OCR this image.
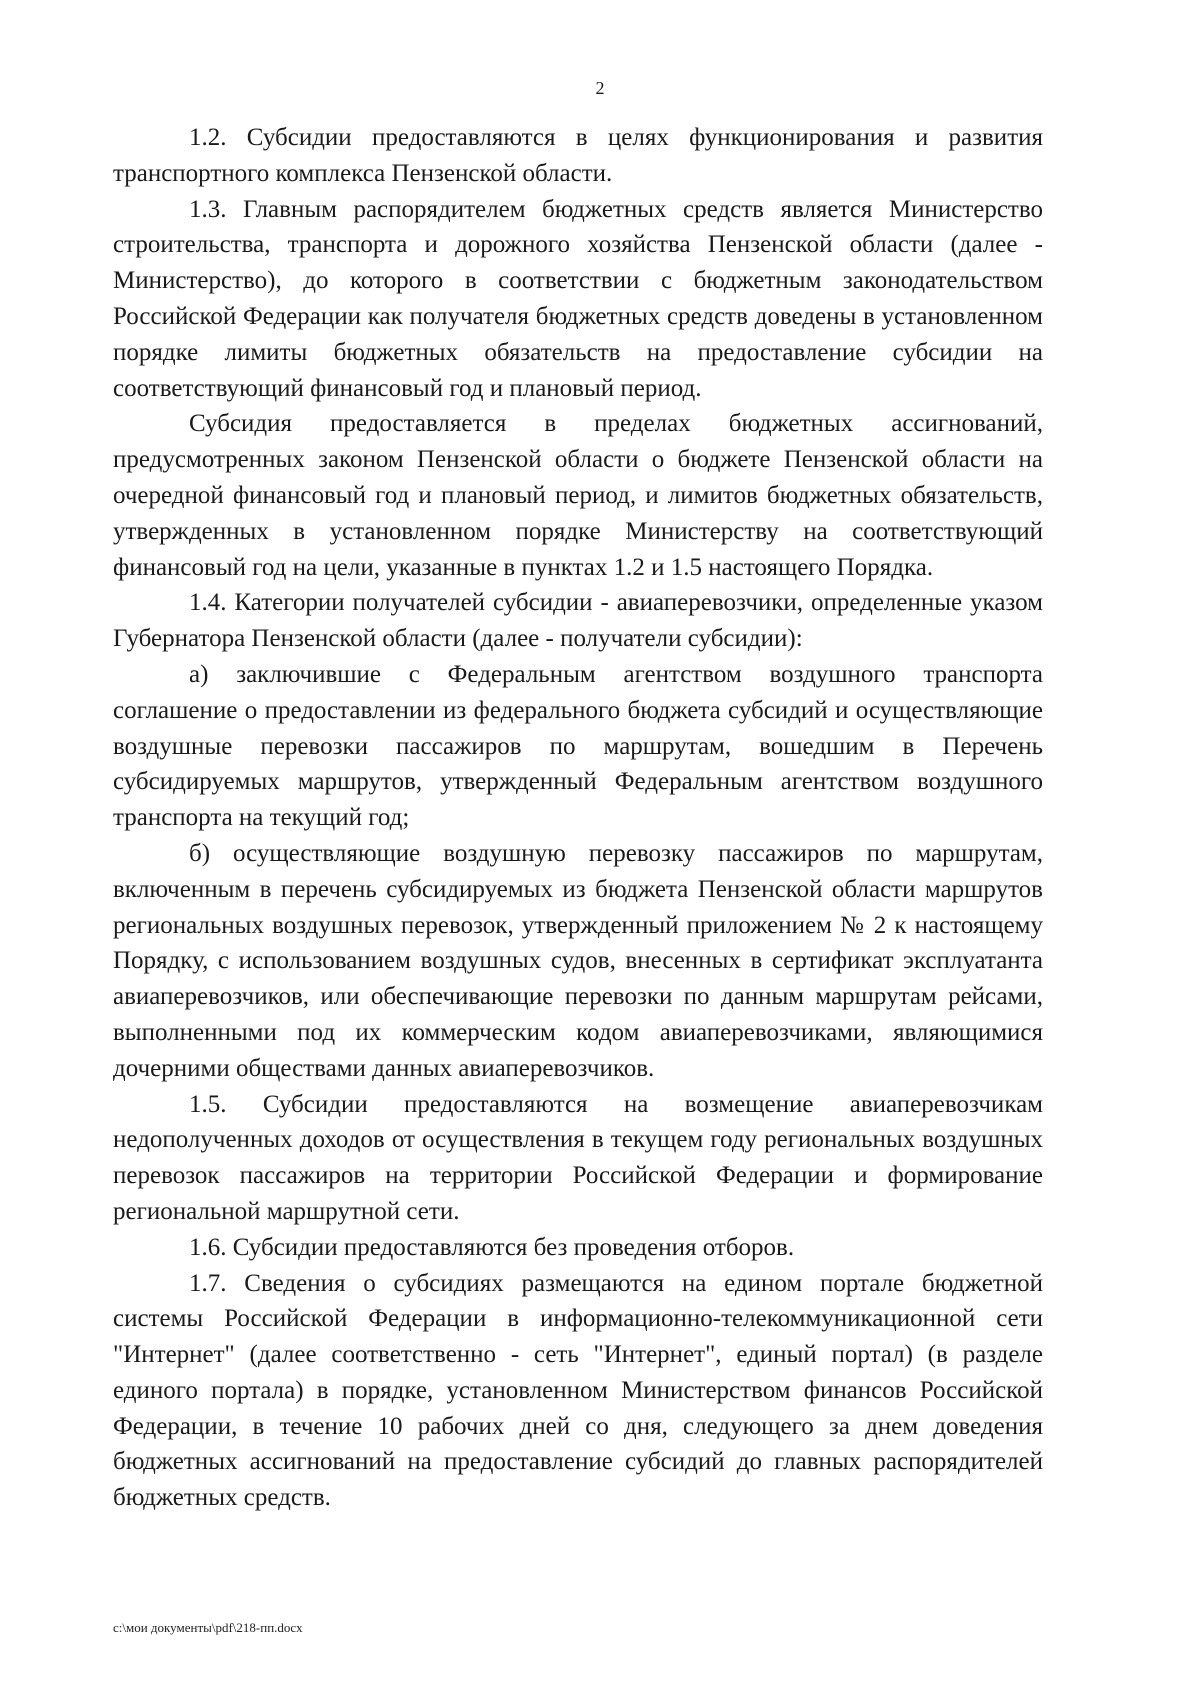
2

1.2. Субсидии предоставляются в целях функционирования и развития транспортного комплекса Пензенской области.

1.3. Главным распорядителем бюджетных средств является Министерство строительства, транспорта и дорожного хозяйства Пензенской области (далее - Министерство), до которого в соответствии с бюджетным законодательством Российской Федерации как получателя бюджетных средств доведены в установленном порядке лимиты бюджетных обязательств на предоставление субсидии на соответствующий финансовый год и плановый период.

Субсидия предоставляется в пределах бюджетных ассигнований, предусмотренных законом Пензенской области о бюджете Пензенской области на очередной финансовый год и плановый период, и лимитов бюджетных обязательств, утвержденных в установленном порядке Министерству на соответствующий финансовый год на цели, указанные в пунктах 1.2 и 1.5 настоящего Порядка.

1.4. Категории получателей субсидии - авиаперевозчики, определенные указом Губернатора Пензенской области (далее - получатели субсидии):

а) заключившие с Федеральным агентством воздушного транспорта соглашение о предоставлении из федерального бюджета субсидий и осуществляющие воздушные перевозки пассажиров по маршрутам, вошедшим в Перечень субсидируемых маршрутов, утвержденный Федеральным агентством воздушного транспорта на текущий год;

б) осуществляющие воздушную перевозку пассажиров по маршрутам, включенным в перечень субсидируемых из бюджета Пензенской области маршрутов региональных воздушных перевозок, утвержденный приложением № 2 к настоящему Порядку, с использованием воздушных судов, внесенных в сертификат эксплуатанта авиаперевозчиков, или обеспечивающие перевозки по данным маршрутам рейсами, выполненными под их коммерческим кодом авиаперевозчиками, являющимися дочерними обществами данных авиаперевозчиков.

1.5. Субсидии предоставляются на возмещение авиаперевозчикам недополученных доходов от осуществления в текущем году региональных воздушных перевозок пассажиров на территории Российской Федерации и формирование региональной маршрутной сети.

1.6. Субсидии предоставляются без проведения отборов.

1.7. Сведения о субсидиях размещаются на едином портале бюджетной системы Российской Федерации в информационно-телекоммуникационной сети "Интернет" (далее соответственно - сеть "Интернет", единый портал) (в разделе единого портала) в порядке, установленном Министерством финансов Российской Федерации, в течение 10 рабочих дней со дня, следующего за днем доведения бюджетных ассигнований на предоставление субсидий до главных распорядителей бюджетных средств.

c:\мои документы\pdf\218-пп.docx
